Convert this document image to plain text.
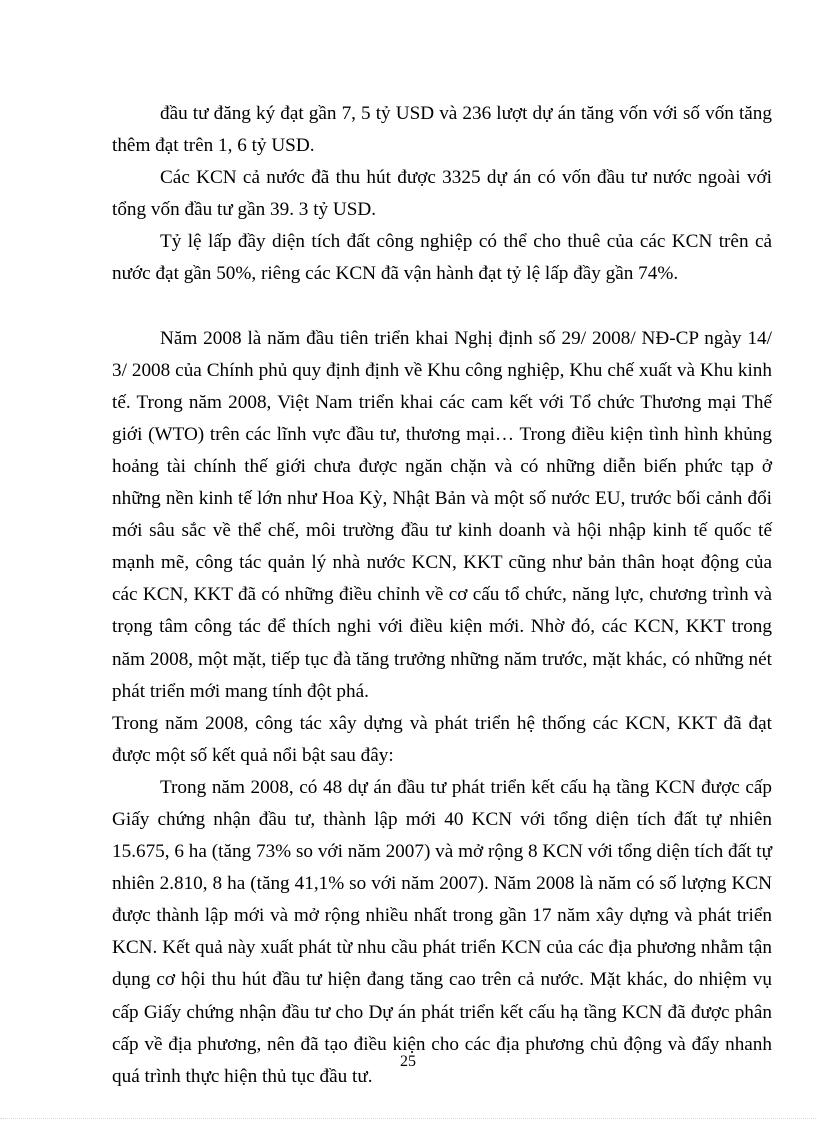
đầu tư đăng ký đạt gần 7, 5 tỷ USD và 236 lượt dự án tăng vốn với số vốn tăng thêm đạt trên 1, 6 tỷ USD.

Các KCN cả nước đã thu hút được 3325 dự án có vốn đầu tư nước ngoài với tổng vốn đầu tư gần 39. 3 tỷ USD.

Tỷ lệ lấp đầy diện tích đất công nghiệp có thể cho thuê của các KCN trên cả nước đạt gần 50%, riêng các KCN đã vận hành đạt tỷ lệ lấp đầy gần 74%.

Năm 2008 là năm đầu tiên triển khai Nghị định số 29/ 2008/ NĐ-CP ngày 14/ 3/ 2008 của Chính phủ quy định định về Khu công nghiệp, Khu chế xuất và Khu kinh tế. Trong năm 2008, Việt Nam triển khai các cam kết với Tổ chức Thương mại Thế giới (WTO) trên các lĩnh vực đầu tư, thương mại… Trong điều kiện tình hình khủng hoảng tài chính thế giới chưa được ngăn chặn và có những diễn biến phức tạp ở những nền kinh tế lớn như Hoa Kỳ, Nhật Bản và một số nước EU, trước bối cảnh đổi mới sâu sắc về thể chế, môi trường đầu tư kinh doanh và hội nhập kinh tế quốc tế mạnh mẽ, công tác quản lý nhà nước KCN, KKT cũng như bản thân hoạt động của các KCN, KKT đã có những điều chỉnh về cơ cấu tổ chức, năng lực, chương trình và trọng tâm công tác để thích nghi với điều kiện mới. Nhờ đó, các KCN, KKT trong năm 2008, một mặt, tiếp tục đà tăng trưởng những năm trước, mặt khác, có những nét phát triển mới mang tính đột phá.

Trong năm 2008, công tác xây dựng và phát triển hệ thống các KCN, KKT đã đạt được một số kết quả nổi bật sau đây:

Trong năm 2008, có 48 dự án đầu tư phát triển kết cấu hạ tầng KCN được cấp Giấy chứng nhận đầu tư, thành lập mới 40 KCN với tổng diện tích đất tự nhiên 15.675, 6 ha (tăng 73% so với năm 2007) và mở rộng 8 KCN với tổng diện tích đất tự nhiên 2.810, 8 ha (tăng 41,1% so với năm 2007). Năm 2008 là năm có số lượng KCN được thành lập mới và mở rộng nhiều nhất trong gần 17 năm xây dựng và phát triển KCN. Kết quả này xuất phát từ nhu cầu phát triển KCN của các địa phương nhằm tận dụng cơ hội thu hút đầu tư hiện đang tăng cao trên cả nước. Mặt khác, do nhiệm vụ cấp Giấy chứng nhận đầu tư cho Dự án phát triển kết cấu hạ tầng KCN đã được phân cấp về địa phương, nên đã tạo điều kiện cho các địa phương chủ động và đẩy nhanh quá trình thực hiện thủ tục đầu tư.

25
